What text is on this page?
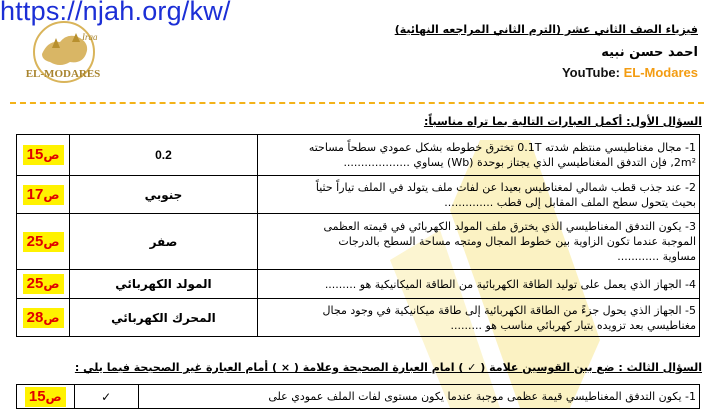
https://njah.org/kw/
Iraa
EL-MODARES
فيزياء الصف الثاني عشر (الترم الثاني المراجعه النهائية)
احمد حسن نبيه
YouTube: EL-Modares
السؤال الأول: أكمل العبارات التالية بما تراه مناسباً:
1- مجال مغناطيسي منتظم شدته 0.1T تخترق خطوطه بشكل عمودي سطحاً مساحته
2m², فإن التدفق المغناطيسي الذي يجتاز بوحدة (Wb) يساوي ...................	0.2	ص15

2- عند جذب قطب شمالي لمغناطيس بعيدا عن لفات ملف يتولد في الملف تياراً حثياً
بحيث يتحول سطح الملف المقابل إلى قطب ..............	جنوبي	ص17

3- يكون التدفق المغناطيسي الذي يخترق ملف المولد الكهربائي في قيمته العظمى
الموجبة عندما تكون الزاوية بين خطوط المجال ومتجه مساحة السطح بالدرجات
مساوية ............	صفر	ص25

4- الجهاز الذي يعمل على توليد الطاقة الكهربائية من الطاقة الميكانيكية هو .........	المولد الكهربائي	ص25

5- الجهاز الذي يحول جزءً من الطاقة الكهربائية إلى طاقة ميكانيكية في وجود مجال
مغناطيسي بعد تزويده بتيار كهربائي مناسب هو .........	المحرك الكهربائي	ص28
السؤال الثالث : ضع بين القوسين علامة ( ✓ ) امام العبارة الصحيحة وعلامة ( × ) أمام العبارة غير الصحيحة فيما يلي :
1- يكون التدفق المغناطيسي قيمة عظمى موجبة عندما يكون مستوى لفات الملف عمودي على
	✓	ص15
